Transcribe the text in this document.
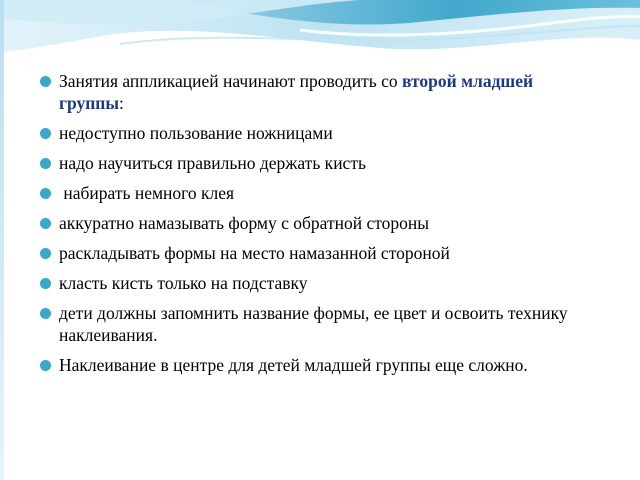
Занятия аппликацией начинают проводить со второй младшей группы:
недоступно пользование ножницами
надо научиться правильно держать кисть
набирать немного клея
аккуратно намазывать форму с обратной стороны
раскладывать формы на место намазанной стороной
класть кисть только на подставку
дети должны запомнить название формы, ее цвет и освоить технику наклеивания.
Наклеивание в центре для детей младшей группы еще сложно.
